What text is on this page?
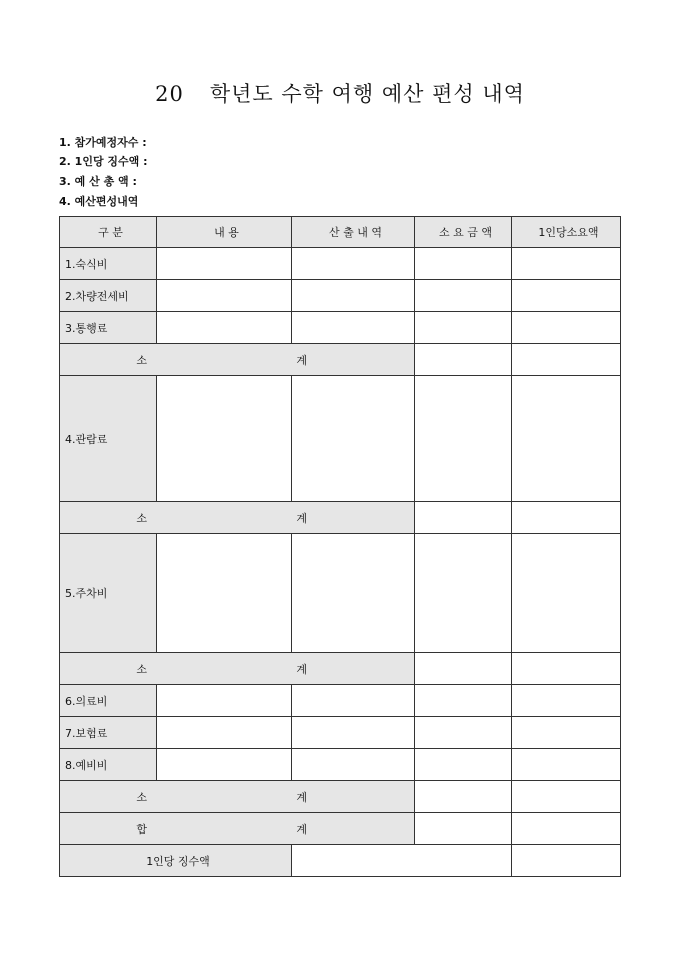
20 학년도 수학 여행 예산 편성 내역
1. 참가예정자수 :
2. 1인당 징수액 :
3. 예 산 총 액 :
4. 예산편성내역
구 분	내 용	산 출 내 역	소 요 금 액	1인당소요액
1.숙식비				
2.차량전세비				
3.통행료				
소 계				
4.관람료				
소 계				
5.주차비				
소 계				
6.의료비				
7.보험료				
8.예비비				
소 계				
합 계				
1인당 징수액				
